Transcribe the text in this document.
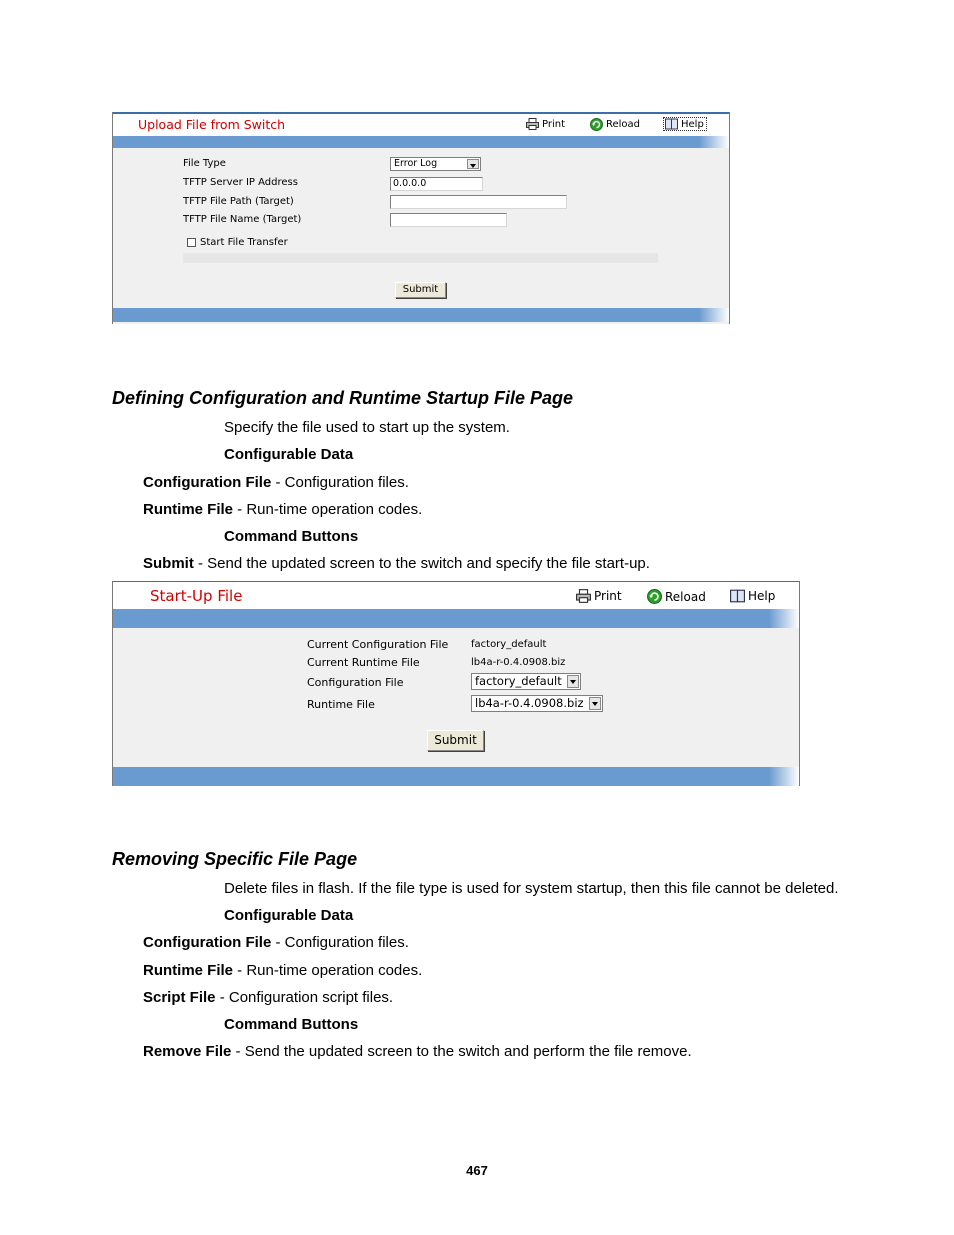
Upload File from Switch	Print	Reload	Help
File Type	Error Log
TFTP Server IP Address	0.0.0.0
TFTP File Path (Target)
TFTP File Name (Target)
Start File Transfer
Submit
Defining Configuration and Runtime Startup File Page
Specify the file used to start up the system.
Configurable Data
Configuration File - Configuration files.
Runtime File - Run-time operation codes.
Command Buttons
Submit - Send the updated screen to the switch and specify the file start-up.
Start-Up File	Print	Reload	Help
Current Configuration File factory_default
Current Runtime File	lb4a-r-0.4.0908.biz
Configuration File	factory_default
Runtime File	lb4a-r-0.4.0908.biz
Submit
Removing Specific File Page
Delete files in flash. If the file type is used for system startup, then this file cannot be deleted.
Configurable Data
Configuration File - Configuration files.
Runtime File - Run-time operation codes.
Script File - Configuration script files.
Command Buttons
Remove File - Send the updated screen to the switch and perform the file remove.
467
